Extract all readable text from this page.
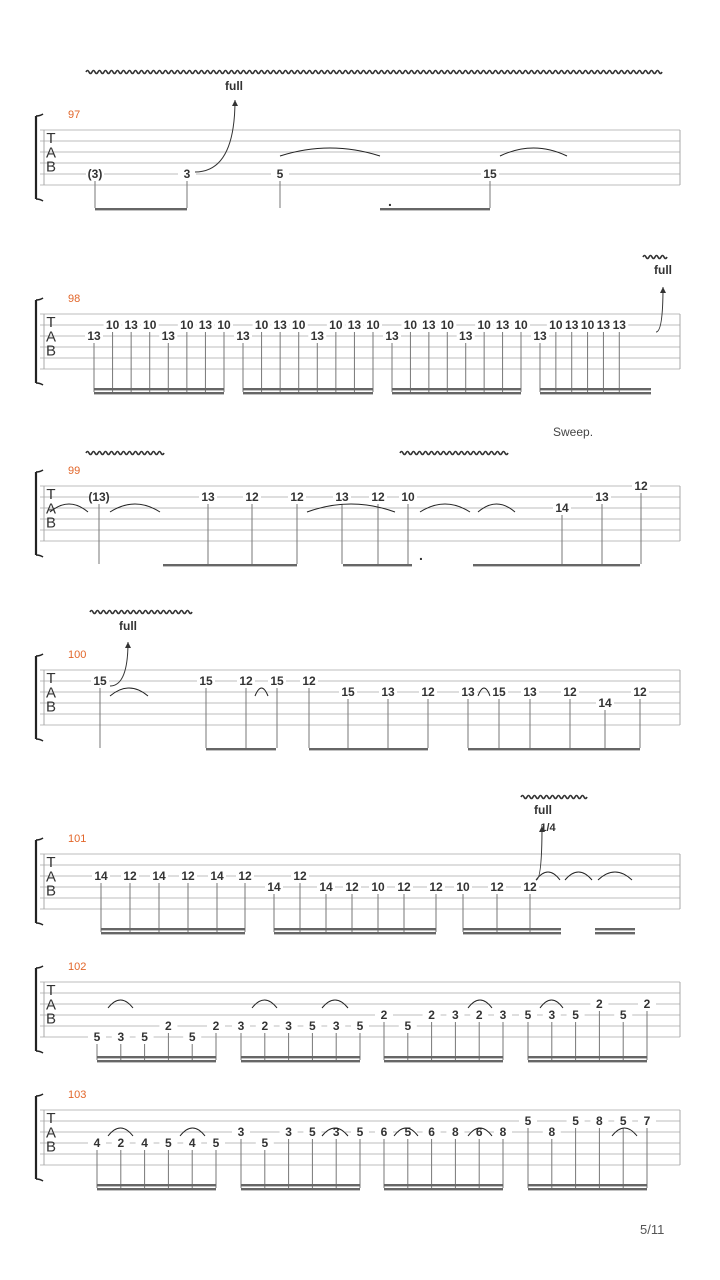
T
A
B
97
(3)	3	5	15
T
A
B
98
13
10 13 10
13
10 13 10
13
10 13 10
13
10 13 10
13
10 13 10
13
10 13 10
13
10 13 10 13 13
T
A
B
99
(13)	13	12	12	13 12 10
14
13
12
T
A
B
100
15	15 12 15 12
15 13 12 13 15 13 12
14
12
T
A
B
101
14 12 14 12 14 12
14
12
14 12 10 12 12 10 12 12
T
A
B
102
5 3 5
2
5
2 3 2 3 5 3 5
2
5
2 3 2 3 5 3 5
2
5
2
T
A
B
103
4 2 4 5 4 5
3
5
3 5 3 5 6 5 6 8 6 8
5
8
5 8 5 7
full
full
full
full
1/4
.
.
Sweep.
5/11
